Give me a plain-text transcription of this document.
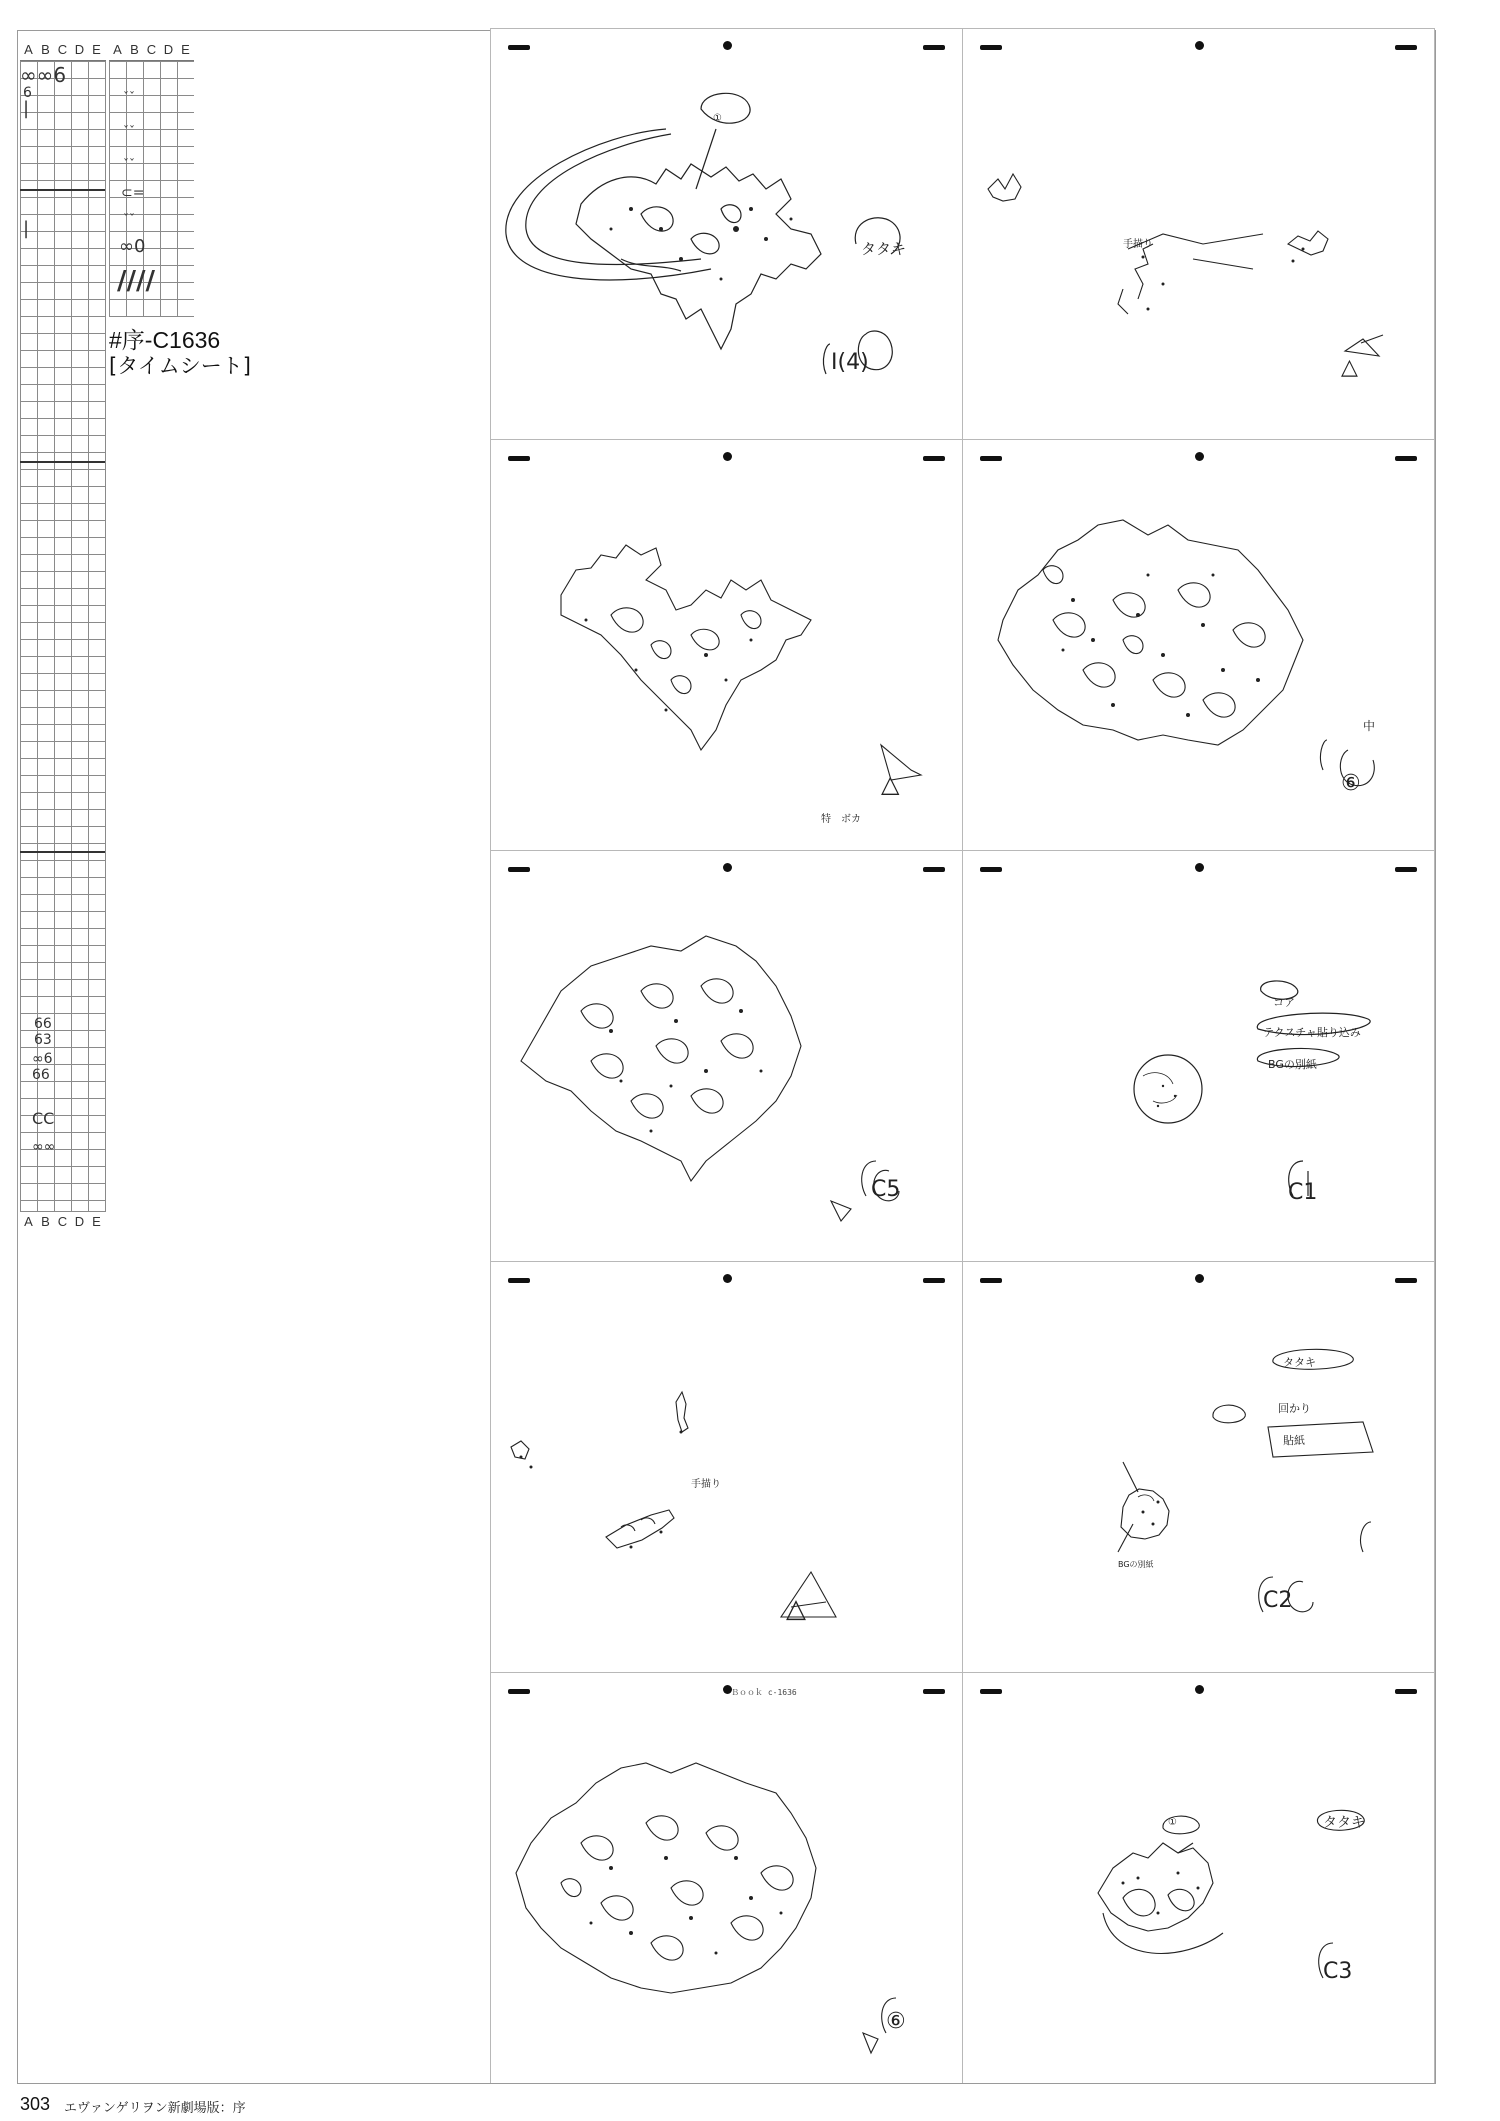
A B C D E
∞∞6
6
|
|
66
63
∞6
66
CC
∞∞
A B C D E
A B C D E
ˇˇ
ˇˇ
ˇˇ
⊂=
ˇˇ
∞0
∕∕∕∕
#序-C1636
[タイムシート]
①
タタキ
Ⅰ(4)
手描り
△
特 ボカ
△
中
⑥
C5
コア
テクスチャ貼り込み
BGの別紙
C1
手描り
△
タタキ
回かり
貼紙
BGの別紙
C2
Ｂｏｏｋ c-1636
⑥
①	タタキ
C3
303 エヴァンゲリヲン新劇場版：序
